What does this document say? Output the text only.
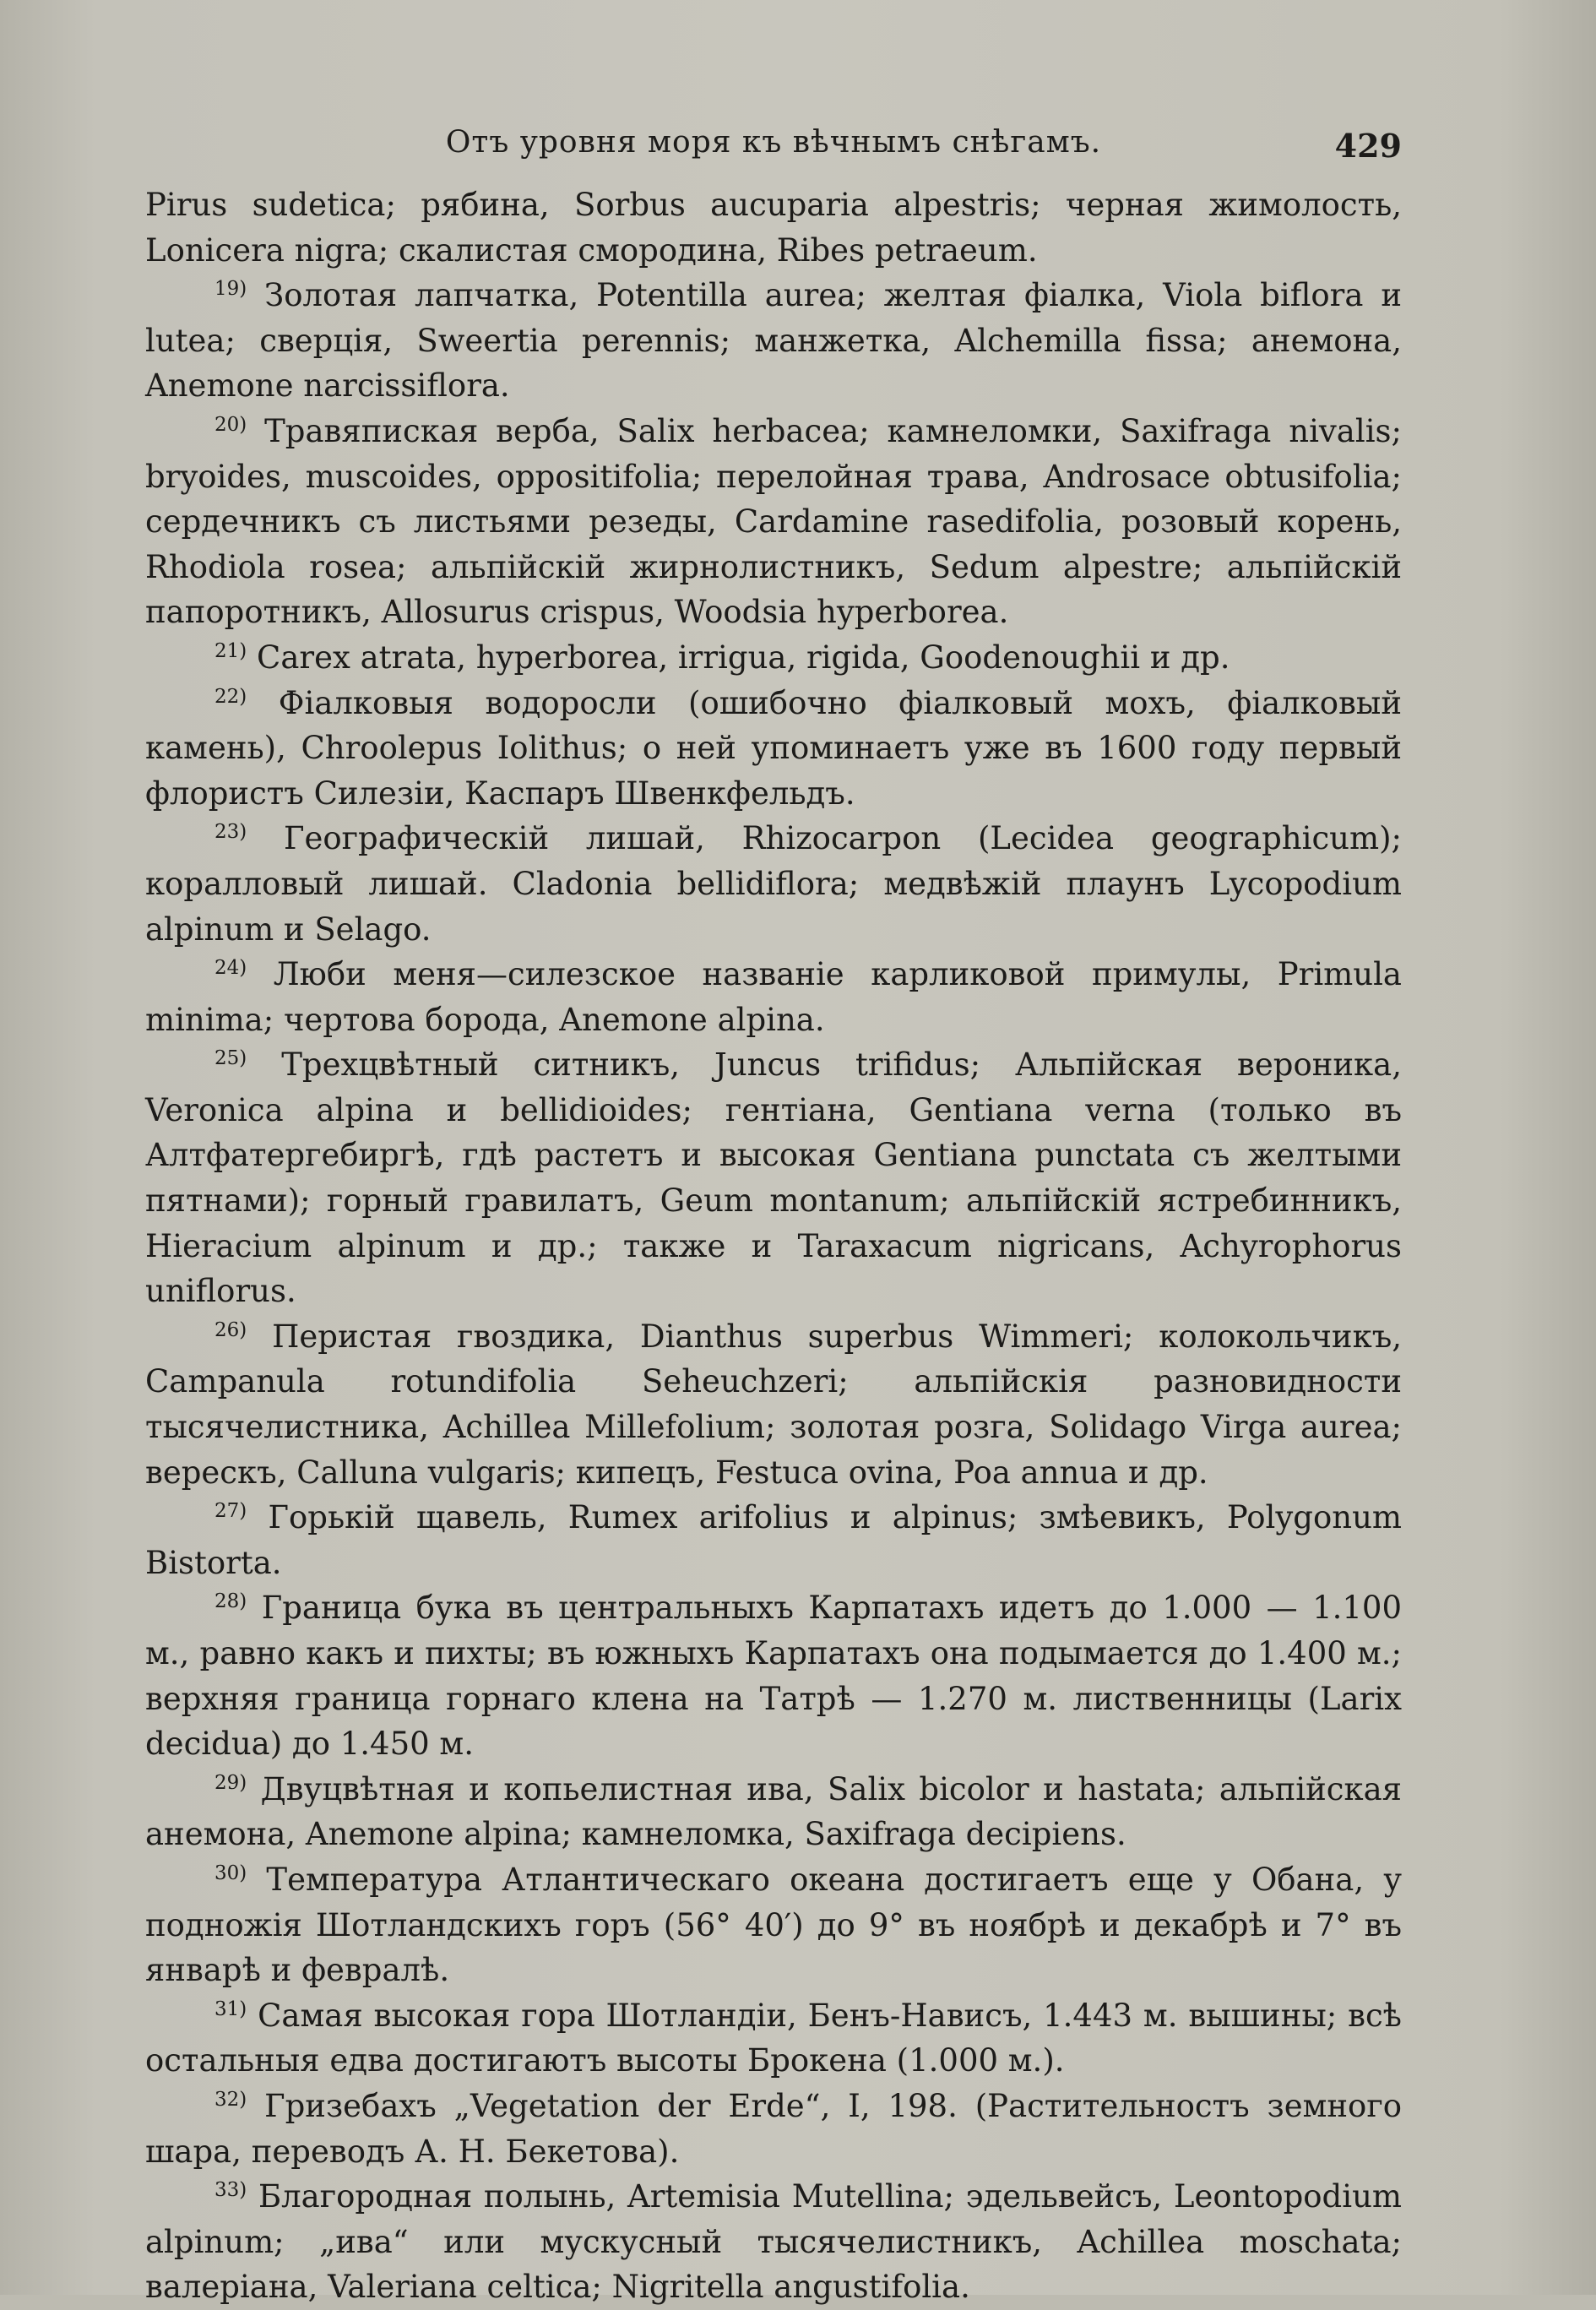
Отъ уровня моря къ вѣчнымъ снѣгамъ.	429

Pirus sudetica; рябина, Sorbus aucuparia alpestris; черная жимолость, Lonicera nigra; скалистая смородина, Ribes petraeum.

$^{19)}$ Золотая лапчатка, Potentilla aurea; желтая фіалка, Viola biflora и lutea; сверція, Sweertia perennis; манжетка, Alchemilla fissa; анемона, Anemone narcissiflora.

$^{20)}$ Травяпиская верба, Salix herbacea; камнеломки, Saxifraga nivalis; bryoides, muscoides, oppositifolia; перелойная трава, Androsace obtusifolia; сердечникъ съ листьями резеды, Cardamine rasedifolia, розовый корень, Rhodiola rosea; альпійскій жирнолистникъ, Sedum alpestre; альпійскій папоротникъ, Allosurus crispus, Woodsia hyperborea.

$^{21)}$ Carex atrata, hyperborea, irrigua, rigida, Goodenoughii и др.

$^{22)}$ Фіалковыя водоросли (ошибочно фіалковый мохъ, фіалковый камень), Chroolepus Iolithus; о ней упоминаетъ уже въ 1600 году первый флористъ Силезіи, Каспаръ Швенкфельдъ.

$^{23)}$ Географическій лишай, Rhizocarpon (Lecidea geographicum); коралловый лишай. Cladonia bellidiflora; медвѣжій плаунъ Lycopodium alpinum и Selago.

$^{24)}$ Люби меня—силезское названіе карликовой примулы, Primula minima; чертова борода, Anemone alpina.

$^{25)}$ Трехцвѣтный ситникъ, Juncus trifidus; Альпійская вероника, Veronica alpina и bellidioides; гентіана, Gentiana verna (только въ Алтфатергебиргѣ, гдѣ растетъ и высокая Gentiana punctata съ желтыми пятнами); горный гравилатъ, Geum montanum; альпійскій ястребинникъ, Hieracium alpinum и др.; также и Taraxacum nigricans, Achyrophorus uniflorus.

$^{26)}$ Перистая гвоздика, Dianthus superbus Wimmeri; колокольчикъ, Campanula rotundifolia Seheuchzeri; альпійскія разновидности тысячелистника, Achillea Millefolium; золотая розга, Solidago Virga aurea; верескъ, Calluna vulgaris; кипецъ, Festuca ovina, Poa annua и др.

$^{27)}$ Горькій щавель, Rumex arifolius и alpinus; змѣевикъ, Polygonum Bistorta.

$^{28)}$ Граница бука въ центральныхъ Карпатахъ идетъ до 1.000 — 1.100 м., равно какъ и пихты; въ южныхъ Карпатахъ она подымается до 1.400 м.; верхняя граница горнаго клена на Татрѣ — 1.270 м. лиственницы (Larix decidua) до 1.450 м.

$^{29)}$ Двуцвѣтная и копьелистная ива, Salix bicolor и hastata; альпійская анемона, Anemone alpina; камнеломка, Saxifraga decipiens.

$^{30)}$ Температура Атлантическаго океана достигаетъ еще у Обана, у подножія Шотландскихъ горъ (56° 40′) до 9° въ ноябрѣ и декабрѣ и 7° въ январѣ и февралѣ.

$^{31)}$ Самая высокая гора Шотландіи, Бенъ-Нависъ, 1.443 м. вышины; всѣ остальныя едва достигаютъ высоты Брокена (1.000 м.).

$^{32)}$ Гризебахъ „Vegetation der Erde“, I, 198. (Растительностъ земного шара, переводъ А. Н. Бекетова).

$^{33)}$ Благородная полынь, Artemisia Mutellina; эдельвейсъ, Leontopodium alpinum; „ива“ или мускусный тысячелистникъ, Achillea moschata; валеріана, Valeriana celtica; Nigritella angustifolia.
